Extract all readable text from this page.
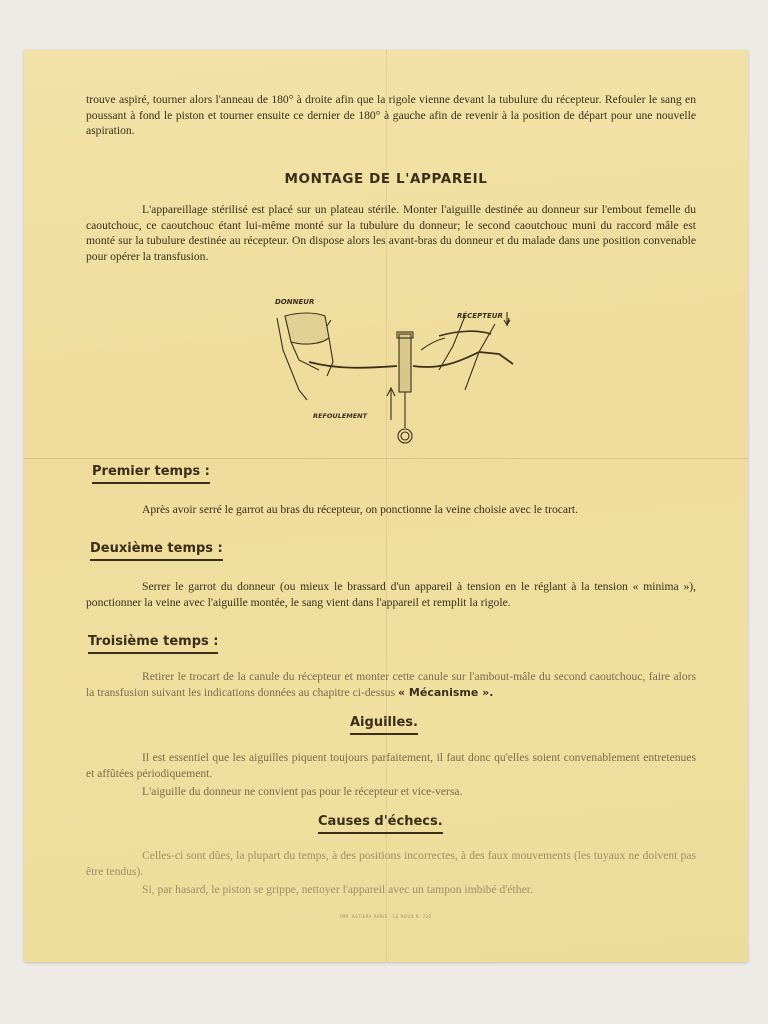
trouve aspiré, tourner alors l'anneau de 180° à droite afin que la rigole vienne devant la tubulure du récepteur. Refouler le sang en poussant à fond le piston et tourner ensuite ce dernier de 180° à gauche afin de revenir à la position de départ pour une nouvelle aspiration.

MONTAGE DE L'APPAREIL

L'appareillage stérilisé est placé sur un plateau stérile. Monter l'aiguille destinée au donneur sur l'embout femelle du caoutchouc, ce caoutchouc étant lui-même monté sur la tubulure du donneur; le second caoutchouc muni du raccord mâle est monté sur la tubulure destinée au récepteur. On dispose alors les avant-bras du donneur et du malade dans une position convenable pour opérer la transfusion.

DONNEUR
RÉCEPTEUR
REFOULEMENT
Premier temps :

Après avoir serré le garrot au bras du récepteur, on ponctionne la veine choisie avec le trocart.

Deuxième temps :

Serrer le garrot du donneur (ou mieux le brassard d'un appareil à tension en le réglant à la tension « minima »), ponctionner la veine avec l'aiguille montée, le sang vient dans l'appareil et remplit la rigole.

Troisième temps :

Retirer le trocart de la canule du récepteur et monter cette canule sur l'ambout-mâle du second caoutchouc, faire alors la transfusion suivant les indications données au chapitre ci-dessus « Mécanisme ».

Aiguilles.

Il est essentiel que les aiguilles piquent toujours parfaitement, il faut donc qu'elles soient convenablement entretenues et affûtées périodiquement.

L'aiguille du donneur ne convient pas pour le récepteur et vice-versa.

Causes d'échecs.

Celles-ci sont dûes, la plupart du temps, à des positions incorrectes, à des faux mouvements (les tuyaux ne doivent pas être tendus).

Si, par hasard, le piston se grippe, nettoyer l'appareil avec un tampon imbibé d'éther.

IMP. ASTIERA PARIS · LE ROUX R. 722
